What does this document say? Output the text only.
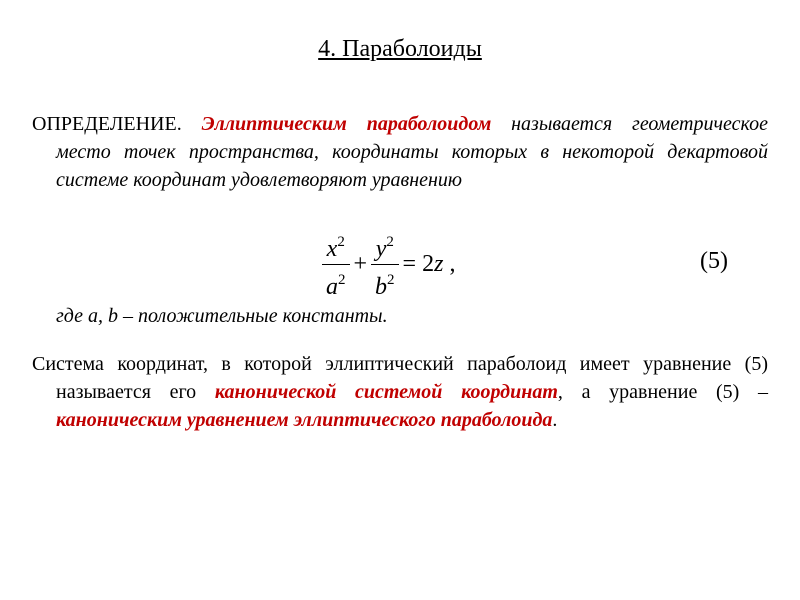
4. Параболоиды

ОПРЕДЕЛЕНИЕ. Эллиптическим параболоидом называется геометрическое место точек пространства, координаты которых в некоторой декартовой системе координат удовлетворяют уравнению

$\frac{x^2}{a^2} + \frac{y^2}{b^2} = 2$ z ,	(5)
где a, b – положительные константы.

Система координат, в которой эллиптический параболоид имеет уравнение (5) называется его канонической системой координат, а уравнение (5) – каноническим уравнением эллиптического параболоида.
